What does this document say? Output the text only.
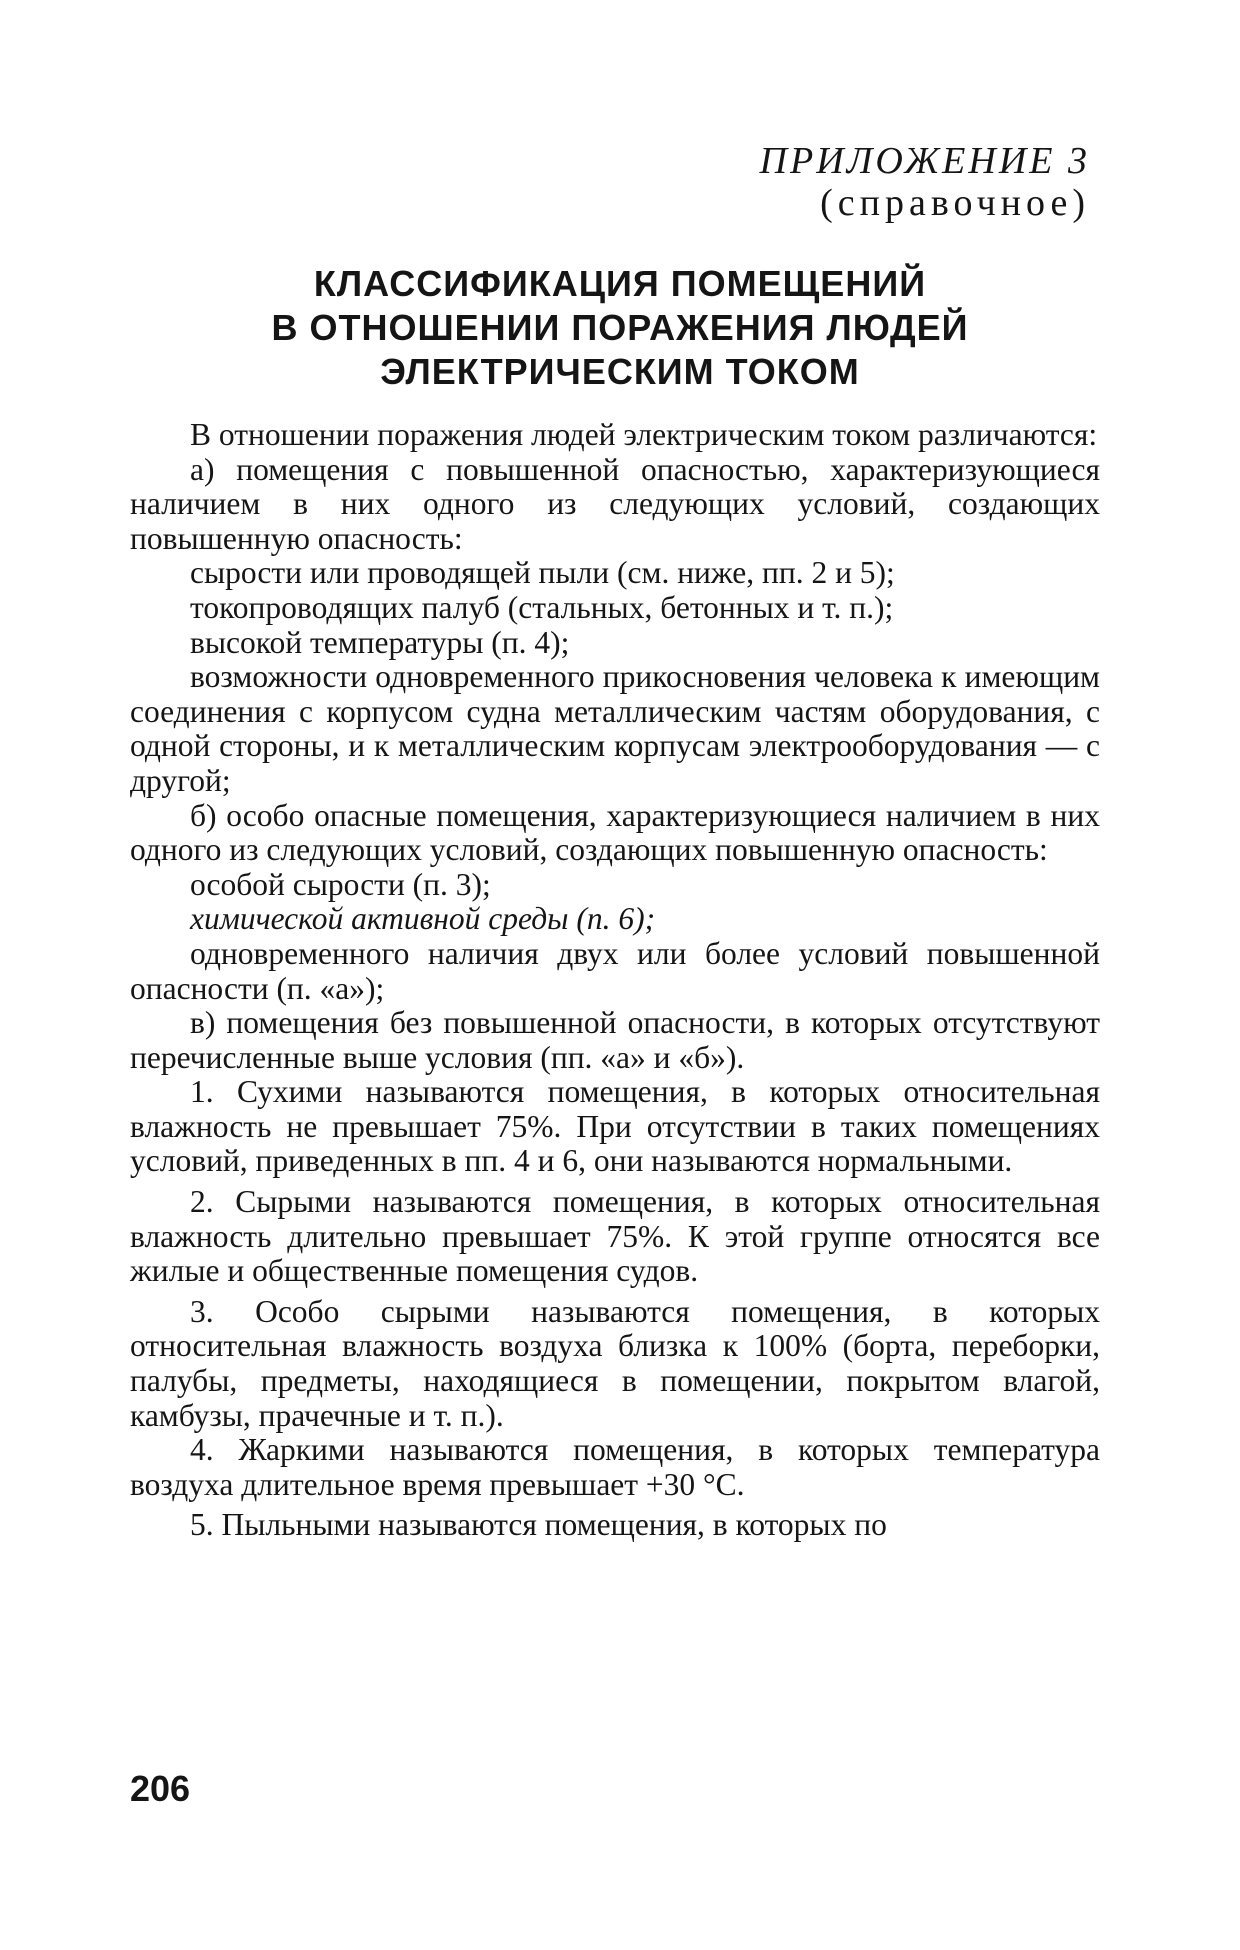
ПРИЛОЖЕНИЕ 3
(справочное)
КЛАССИФИКАЦИЯ ПОМЕЩЕНИЙ
В ОТНОШЕНИИ ПОРАЖЕНИЯ ЛЮДЕЙ
ЭЛЕКТРИЧЕСКИМ ТОКОМ

В отношении поражения людей электрическим током различаются:

а) помещения с повышенной опасностью, характеризующиеся наличием в них одного из следующих условий, создающих повышенную опасность:

сырости или проводящей пыли (см. ниже, пп. 2 и 5);

токопроводящих палуб (стальных, бетонных и т. п.);

высокой температуры (п. 4);

возможности одновременного прикосновения человека к имеющим соединения с корпусом судна металлическим частям оборудования, с одной стороны, и к металлическим корпусам электрооборудования — с другой;

б) особо опасные помещения, характеризующиеся наличием в них одного из следующих условий, создающих повышенную опасность:

особой сырости (п. 3);

химической активной среды (п. 6);

одновременного наличия двух или более условий повышенной опасности (п. «а»);

в) помещения без повышенной опасности, в которых отсутствуют перечисленные выше условия (пп. «а» и «б»).

1. Сухими называются помещения, в которых относительная влажность не превышает 75%. При отсутствии в таких помещениях условий, приведенных в пп. 4 и 6, они называются нормальными.

2. Сырыми называются помещения, в которых относительная влажность длительно превышает 75%. К этой группе относятся все жилые и общественные помещения судов.

3. Особо сырыми называются помещения, в которых относительная влажность воздуха близка к 100% (борта, переборки, палубы, предметы, находящиеся в помещении, покрытом влагой, камбузы, прачечные и т. п.).

4. Жаркими называются помещения, в которых температура воздуха длительное время превышает +30 °С.

5. Пыльными называются помещения, в которых по

206
